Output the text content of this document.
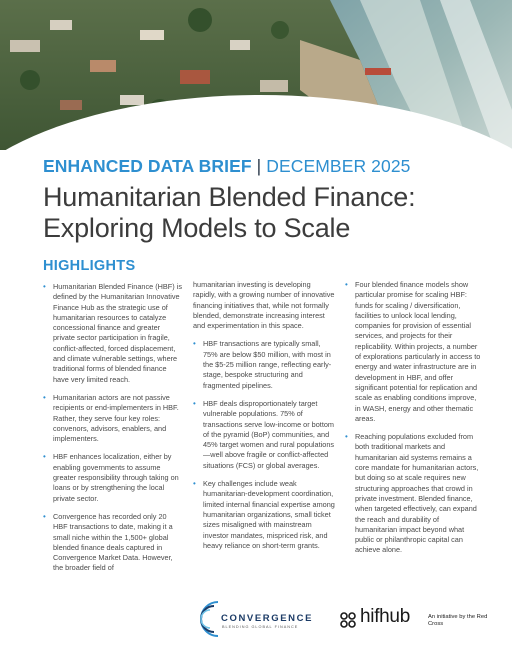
ENHANCED DATA BRIEF | DECEMBER 2025
Humanitarian Blended Finance:
Exploring Models to Scale
HIGHLIGHTS
• Humanitarian Blended Finance (HBF) is defined by the Humanitarian Innovative Finance Hub as the strategic use of humanitarian resources to catalyze concessional finance and greater private sector participation in fragile, conflict-affected, forced displacement, and climate vulnerable settings, where traditional forms of blended finance have very limited reach.
• Humanitarian actors are not passive recipients or end-implementers in HBF. Rather, they serve four key roles: convenors, advisors, enablers, and implementers.
• HBF enhances localization, either by enabling governments to assume greater responsibility through taking on loans or by strengthening the local private sector.
• Convergence has recorded only 20 HBF transactions to date, making it a small niche within the 1,500+ global blended finance deals captured in Convergence Market Data. However, the broader field of
humanitarian investing is developing rapidly, with a growing number of innovative financing initiatives that, while not formally blended, demonstrate increasing interest and experimentation in this space.
• HBF transactions are typically small, 75% are below $50 million, with most in the $5-25 million range, reflecting early-stage, bespoke structuring and fragmented pipelines.
• HBF deals disproportionately target vulnerable populations. 75% of transactions serve low-income or bottom of the pyramid (BoP) communities, and 45% target women and rural populations—well above fragile or conflict-affected situations (FCS) or global averages.
• Key challenges include weak humanitarian-development coordination, limited internal financial expertise among humanitarian organizations, small ticket sizes misaligned with mainstream investor mandates, mispriced risk, and heavy reliance on short-term grants.
• Four blended finance models show particular promise for scaling HBF: funds for scaling / diversification, facilities to unlock local lending, companies for provision of essential services, and projects for their replicability. Within projects, a number of explorations particularly in access to energy and water infrastructure are in development in HBF, and offer significant potential for replication and scale as enabling conditions improve, in WASH, energy and other thematic areas.
• Reaching populations excluded from both traditional markets and humanitarian aid systems remains a core mandate for humanitarian actors, but doing so at scale requires new structuring approaches that crowd in private investment. Blended finance, when targeted effectively, can expand the reach and durability of humanitarian impact beyond what public or philanthropic capital can achieve alone.
CONVERGENCE
BLENDING GLOBAL FINANCE	hifhub	An initiative by the Red Cross
